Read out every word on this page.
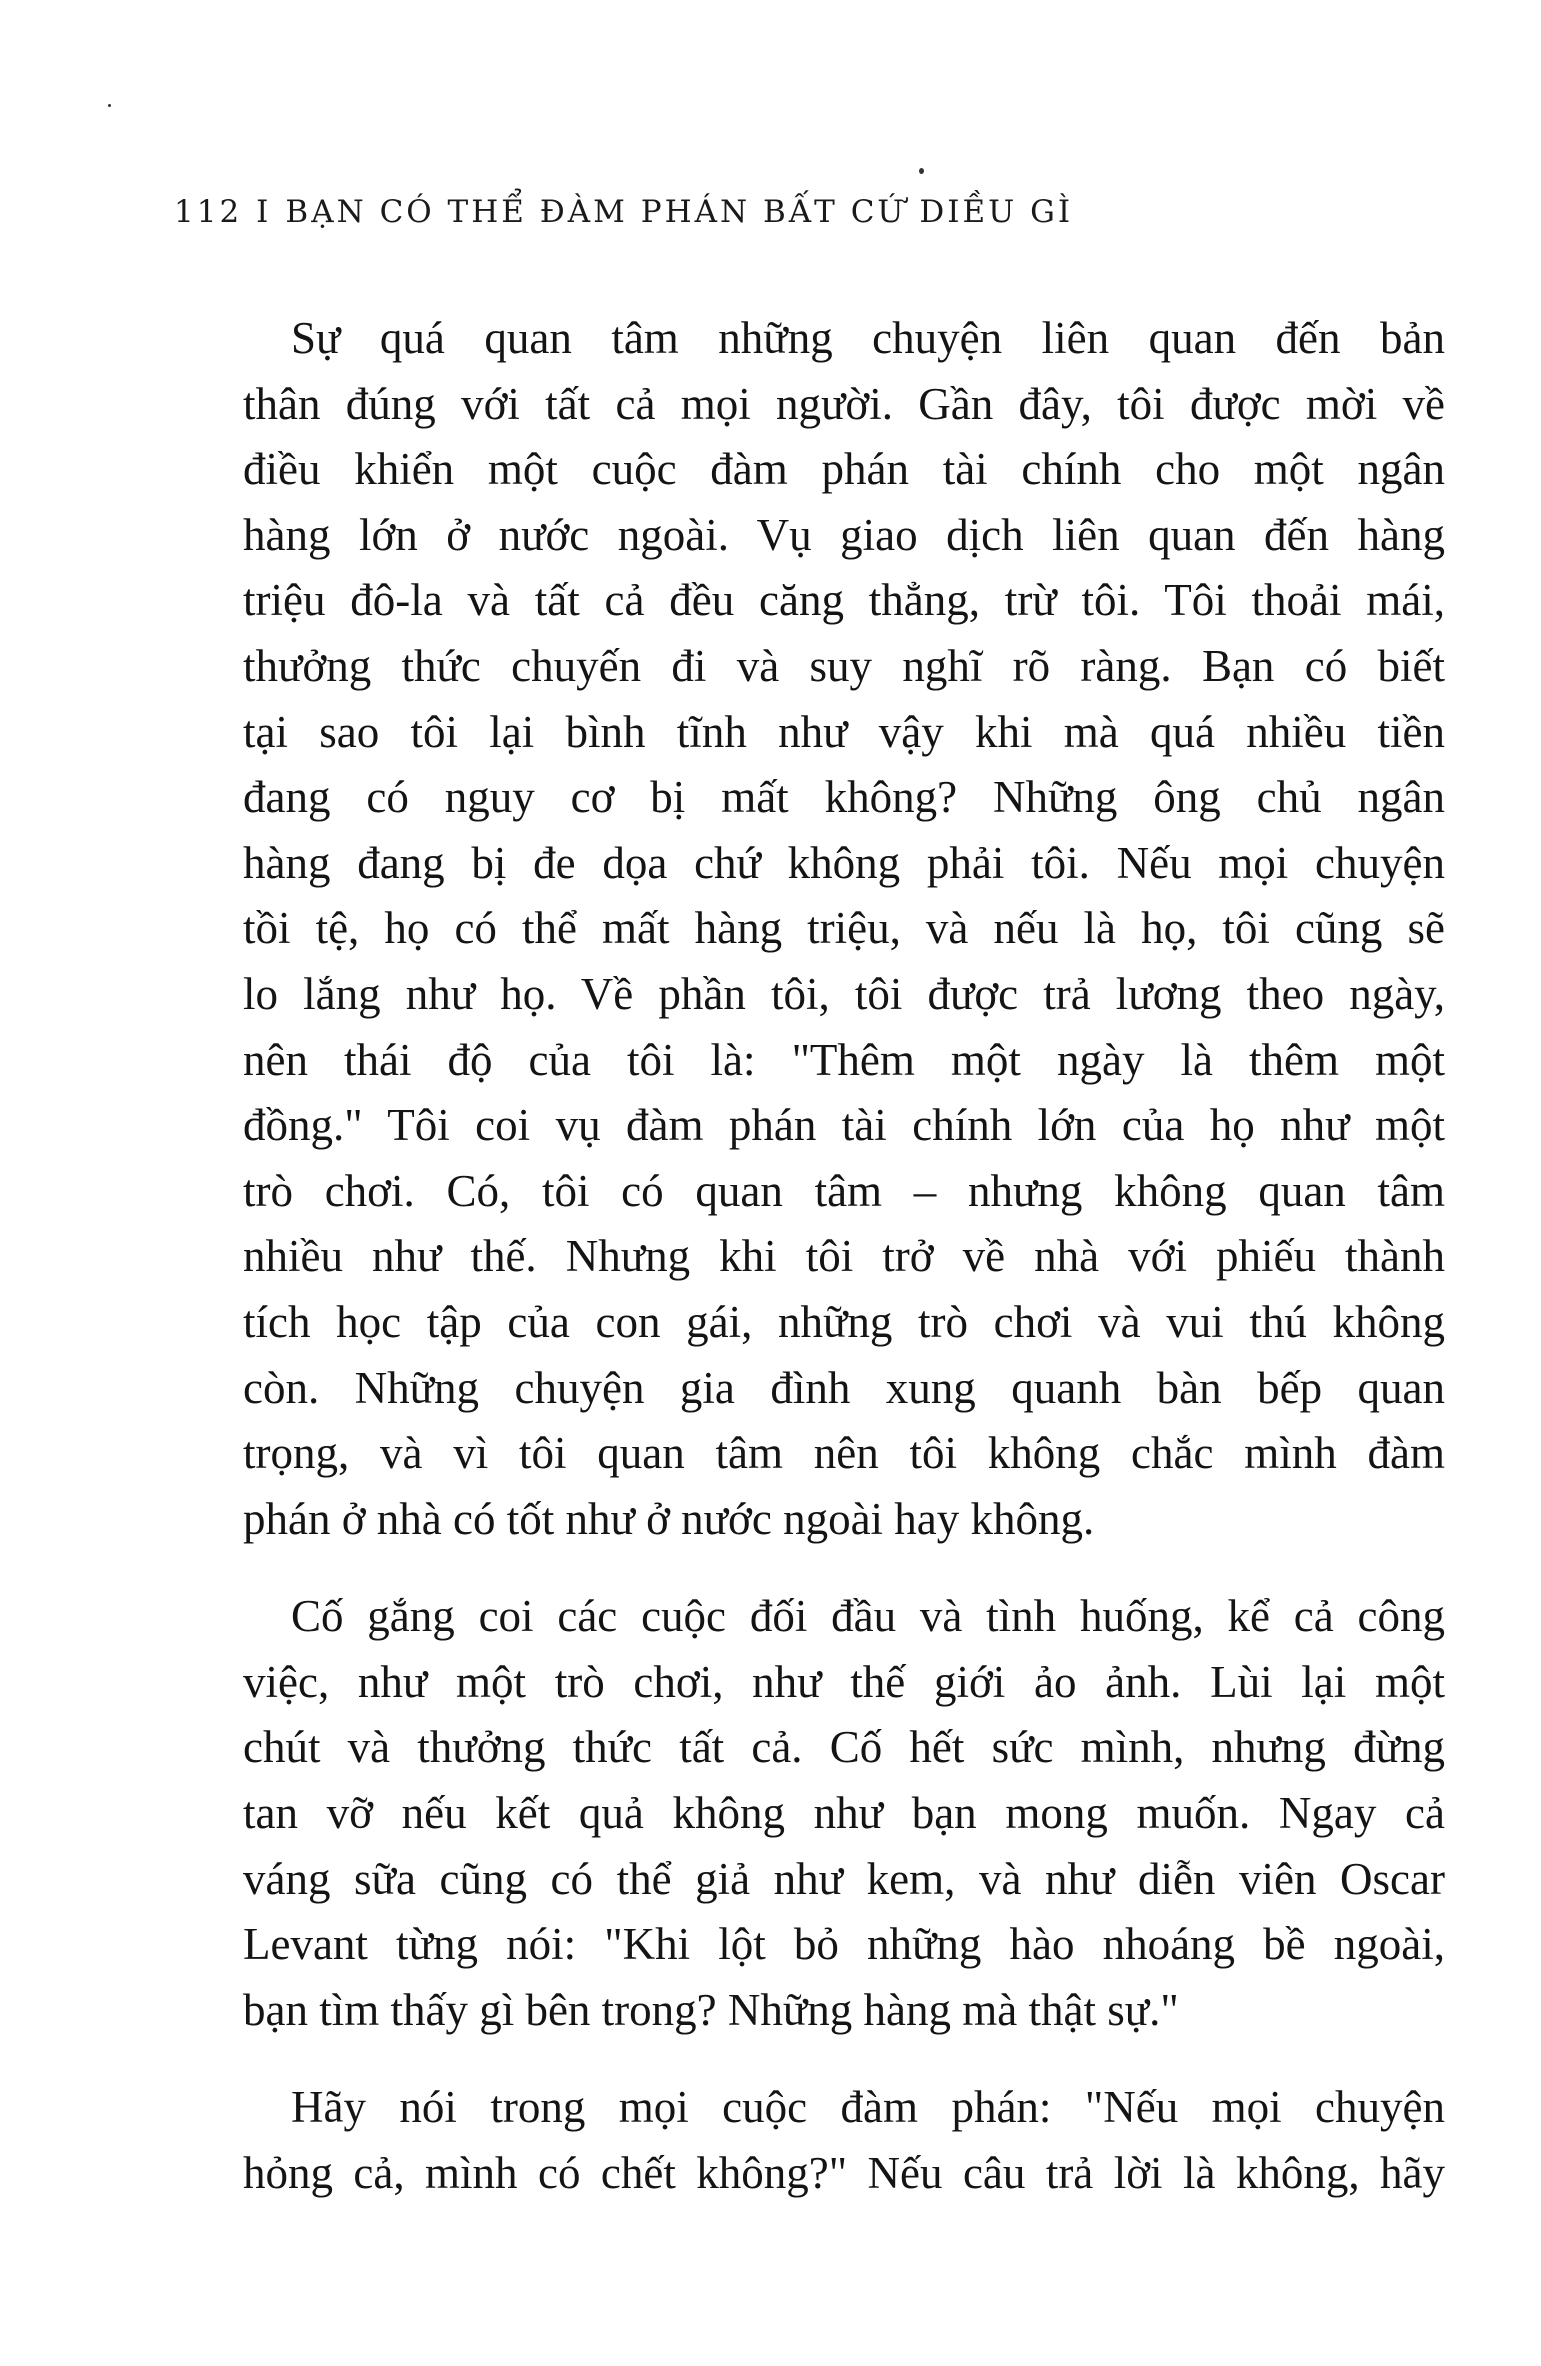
112 I BẠN CÓ THỂ ĐÀM PHÁN BẤT CỨ DIỀU GÌ
Sự quá quan tâm những chuyện liên quan đến bản
thân đúng với tất cả mọi người. Gần đây, tôi được mời về
điều khiển một cuộc đàm phán tài chính cho một ngân
hàng lớn ở nước ngoài. Vụ giao dịch liên quan đến hàng
triệu đô-la và tất cả đều căng thẳng, trừ tôi. Tôi thoải mái,
thưởng thức chuyến đi và suy nghĩ rõ ràng. Bạn có biết
tại sao tôi lại bình tĩnh như vậy khi mà quá nhiều tiền
đang có nguy cơ bị mất không? Những ông chủ ngân
hàng đang bị đe dọa chứ không phải tôi. Nếu mọi chuyện
tồi tệ, họ có thể mất hàng triệu, và nếu là họ, tôi cũng sẽ
lo lắng như họ. Về phần tôi, tôi được trả lương theo ngày,
nên thái độ của tôi là: "Thêm một ngày là thêm một
đồng." Tôi coi vụ đàm phán tài chính lớn của họ như một
trò chơi. Có, tôi có quan tâm – nhưng không quan tâm
nhiều như thế. Nhưng khi tôi trở về nhà với phiếu thành
tích học tập của con gái, những trò chơi và vui thú không
còn. Những chuyện gia đình xung quanh bàn bếp quan
trọng, và vì tôi quan tâm nên tôi không chắc mình đàm
phán ở nhà có tốt như ở nước ngoài hay không.
Cố gắng coi các cuộc đối đầu và tình huống, kể cả công
việc, như một trò chơi, như thế giới ảo ảnh. Lùi lại một
chút và thưởng thức tất cả. Cố hết sức mình, nhưng đừng
tan vỡ nếu kết quả không như bạn mong muốn. Ngay cả
váng sữa cũng có thể giả như kem, và như diễn viên Oscar
Levant từng nói: "Khi lột bỏ những hào nhoáng bề ngoài,
bạn tìm thấy gì bên trong? Những hàng mà thật sự."
Hãy nói trong mọi cuộc đàm phán: "Nếu mọi chuyện
hỏng cả, mình có chết không?" Nếu câu trả lời là không, hãy
